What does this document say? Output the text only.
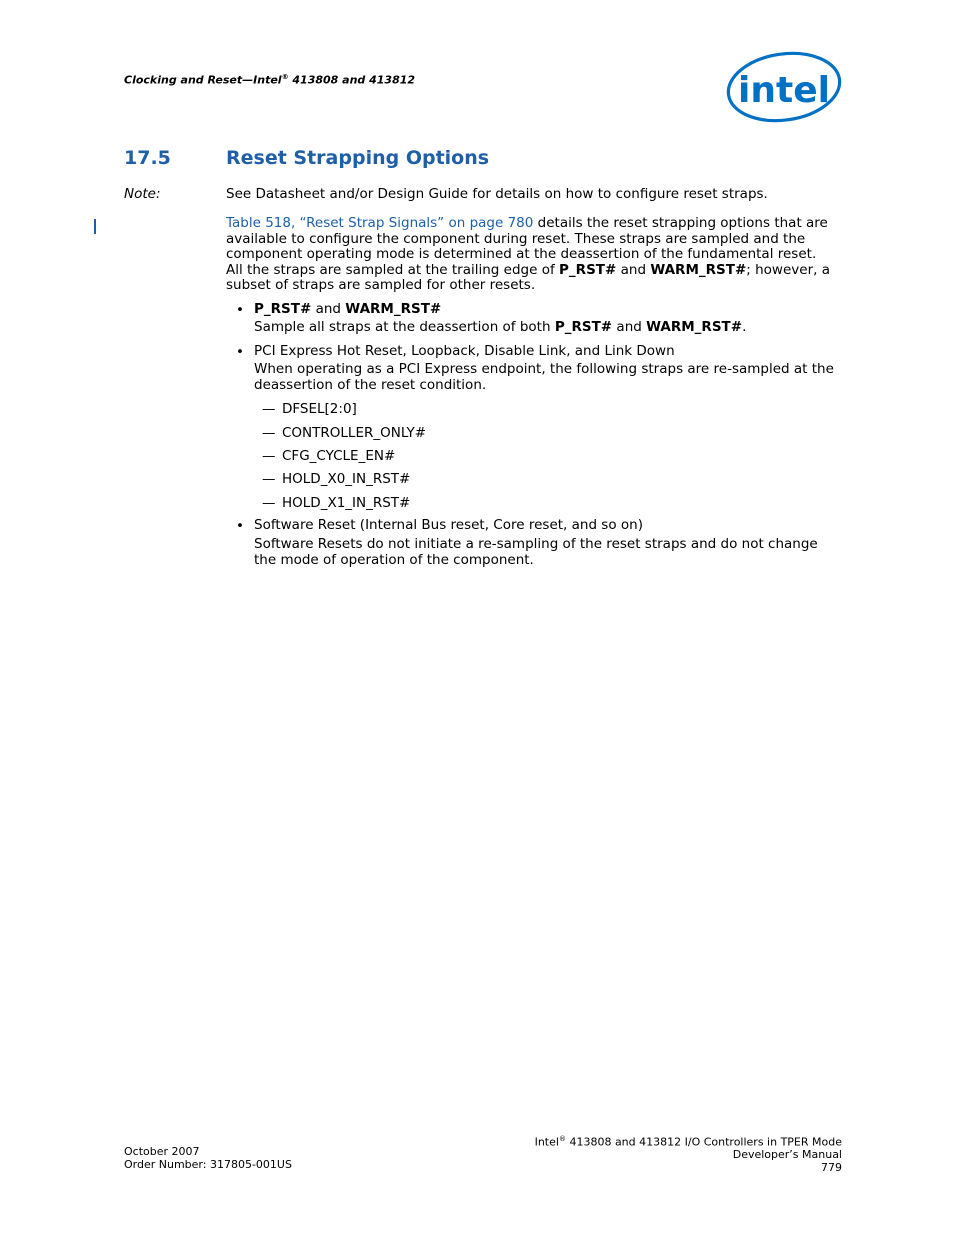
Clocking and Reset—Intel® 413808 and 413812	intel
17.5	Reset Strapping Options
Note:	See Datasheet and/or Design Guide for details on how to configure reset straps.
Table 518, “Reset Strap Signals” on page 780 details the reset strapping options that are available to configure the component during reset. These straps are sampled and the component operating mode is determined at the deassertion of the fundamental reset. All the straps are sampled at the trailing edge of P_RST# and WARM_RST#; however, a subset of straps are sampled for other resets.
• P_RST# and WARM_RST#
Sample all straps at the deassertion of both P_RST# and WARM_RST#.
• PCI Express Hot Reset, Loopback, Disable Link, and Link Down
When operating as a PCI Express endpoint, the following straps are re-sampled at the deassertion of the reset condition.
— DFSEL[2:0]
— CONTROLLER_ONLY#
— CFG_CYCLE_EN#
— HOLD_X0_IN_RST#
— HOLD_X1_IN_RST#
• Software Reset (Internal Bus reset, Core reset, and so on)
Software Resets do not initiate a re-sampling of the reset straps and do not change the mode of operation of the component.
October 2007
Order Number: 317805-001US
Intel® 413808 and 413812 I/O Controllers in TPER Mode
Developer’s Manual
779
